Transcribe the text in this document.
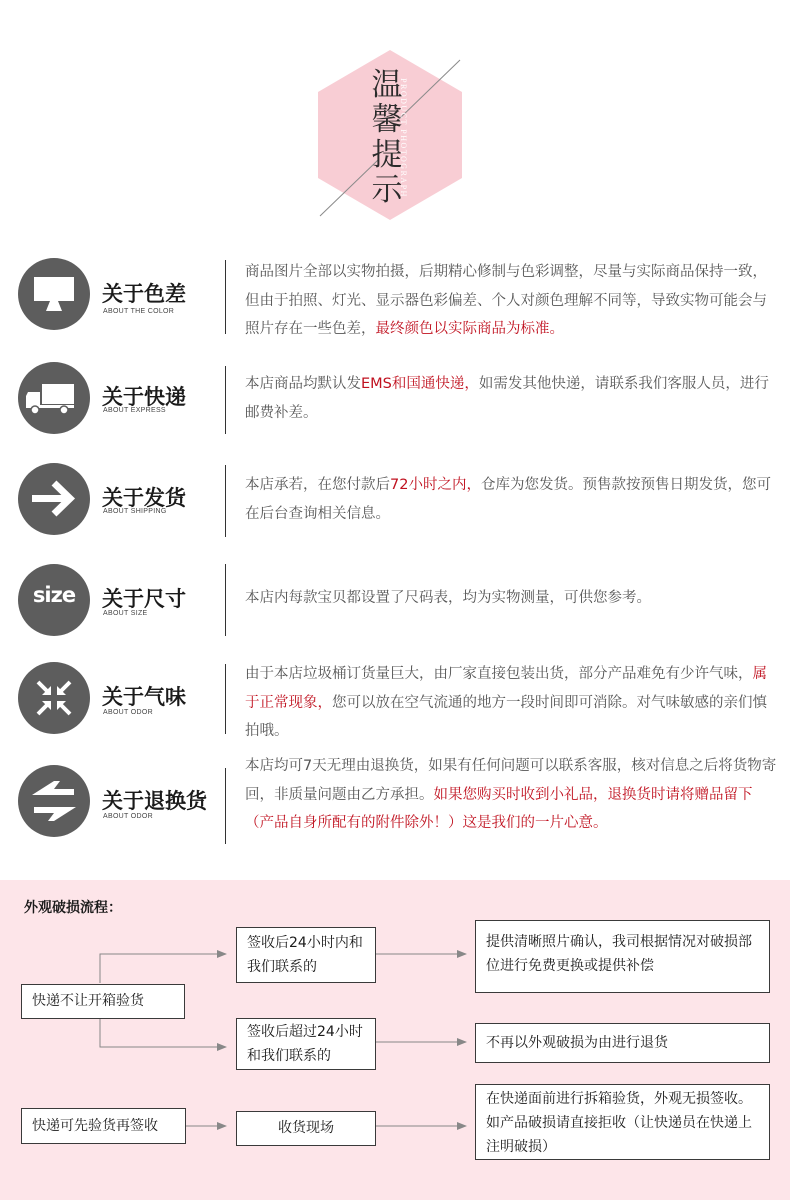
温馨提示
PRODUCT PHOTOGRAPH
关于色差
ABOUT THE COLOR
商品图片全部以实物拍摄，后期精心修制与色彩调整，尽量与实际商品保持一致，但由于拍照、灯光、显示器色彩偏差、个人对颜色理解不同等，导致实物可能会与照片存在一些色差，最终颜色以实际商品为标准。
关于快递
ABOUT EXPRESS
本店商品均默认发EMS和国通快递，如需发其他快递，请联系我们客服人员，进行邮费补差。
关于发货
ABOUT SHIPPING
本店承若，在您付款后72小时之内，仓库为您发货。预售款按预售日期发货，您可在后台查询相关信息。
size	关于尺寸
ABOUT SIZE
本店内每款宝贝都设置了尺码表，均为实物测量，可供您参考。
关于气味
ABOUT ODOR
由于本店垃圾桶订货量巨大，由厂家直接包装出货，部分产品难免有少许气味，属于正常现象，您可以放在空气流通的地方一段时间即可消除。对气味敏感的亲们慎拍哦。
关于退换货
ABOUT ODOR
本店均可7天无理由退换货，如果有任何问题可以联系客服，核对信息之后将货物寄回，非质量问题由乙方承担。如果您购买时收到小礼品，退换货时请将赠品留下（产品自身所配有的附件除外！）这是我们的一片心意。
外观破损流程：
快递不让开箱验货
签收后24小时内和我们联系的
签收后超过24小时和我们联系的
提供清晰照片确认，我司根据情况对破损部位进行免费更换或提供补偿
不再以外观破损为由进行退货
快递可先验货再签收	收货现场
在快递面前进行拆箱验货，外观无损签收。如产品破损请直接拒收（让快递员在快递上注明破损）
